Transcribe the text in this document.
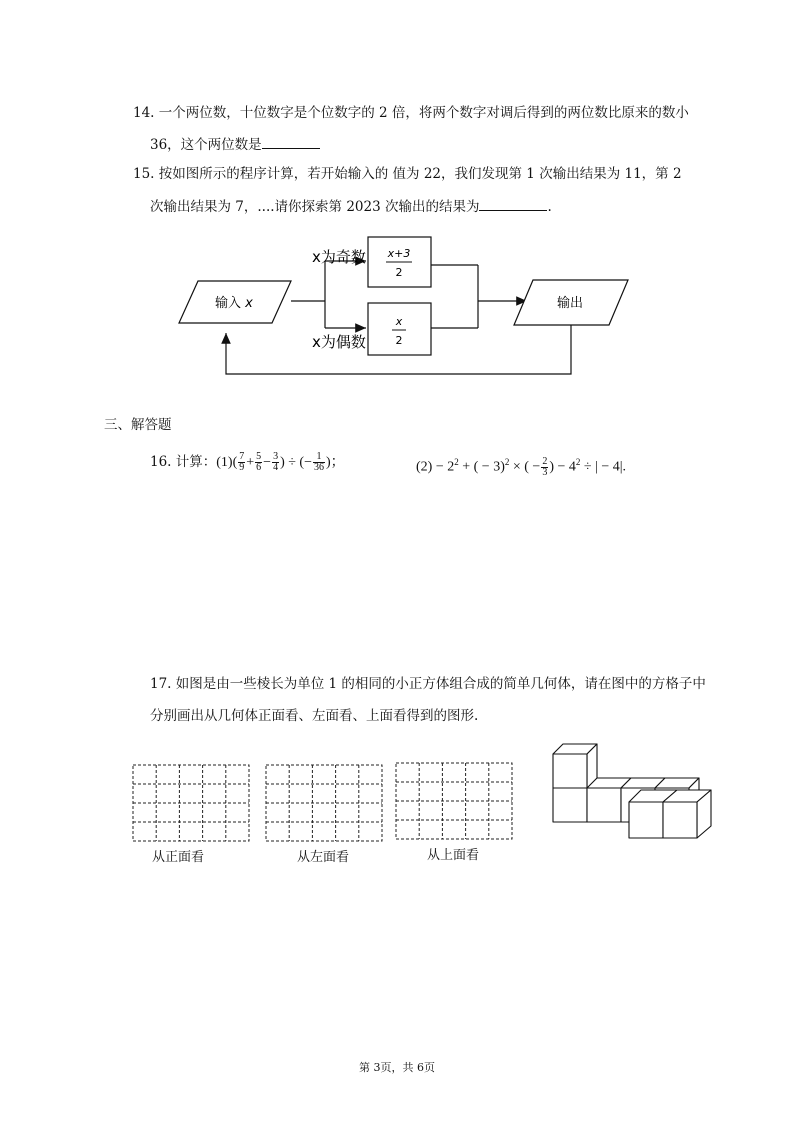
14. 一个两位数，十位数字是个位数字的 2 倍，将两个数字对调后得到的两位数比原来的数小
36，这个两位数是
15. 按如图所示的程序计算，若开始输入的 值为 22，我们发现第 1 次输出结果为 11，第 2
次输出结果为 7，....请你探索第 2023 次输出的结果为	.
输入 x
x为奇数
x为偶数
x+3
2
x
2
输出
三、解答题
16. 计算：$(1)( \frac{7}{9} + \frac{5}{6} - \frac{3}{4}$ ) ÷ (− $\frac{1}{36}$ )；	$(2) - 2^2$ + ( − 3)$^2$ × ( − $\frac{2}{3}$ ) − $4^2$ ÷ | − 4|.
17. 如图是由一些棱长为单位 1 的相同的小正方体组合成的简单几何体，请在图中的方格子中
分别画出从几何体正面看、左面看、上面看得到的图形.
从正面看	从左面看	从上面看
第 3页，共 6页
